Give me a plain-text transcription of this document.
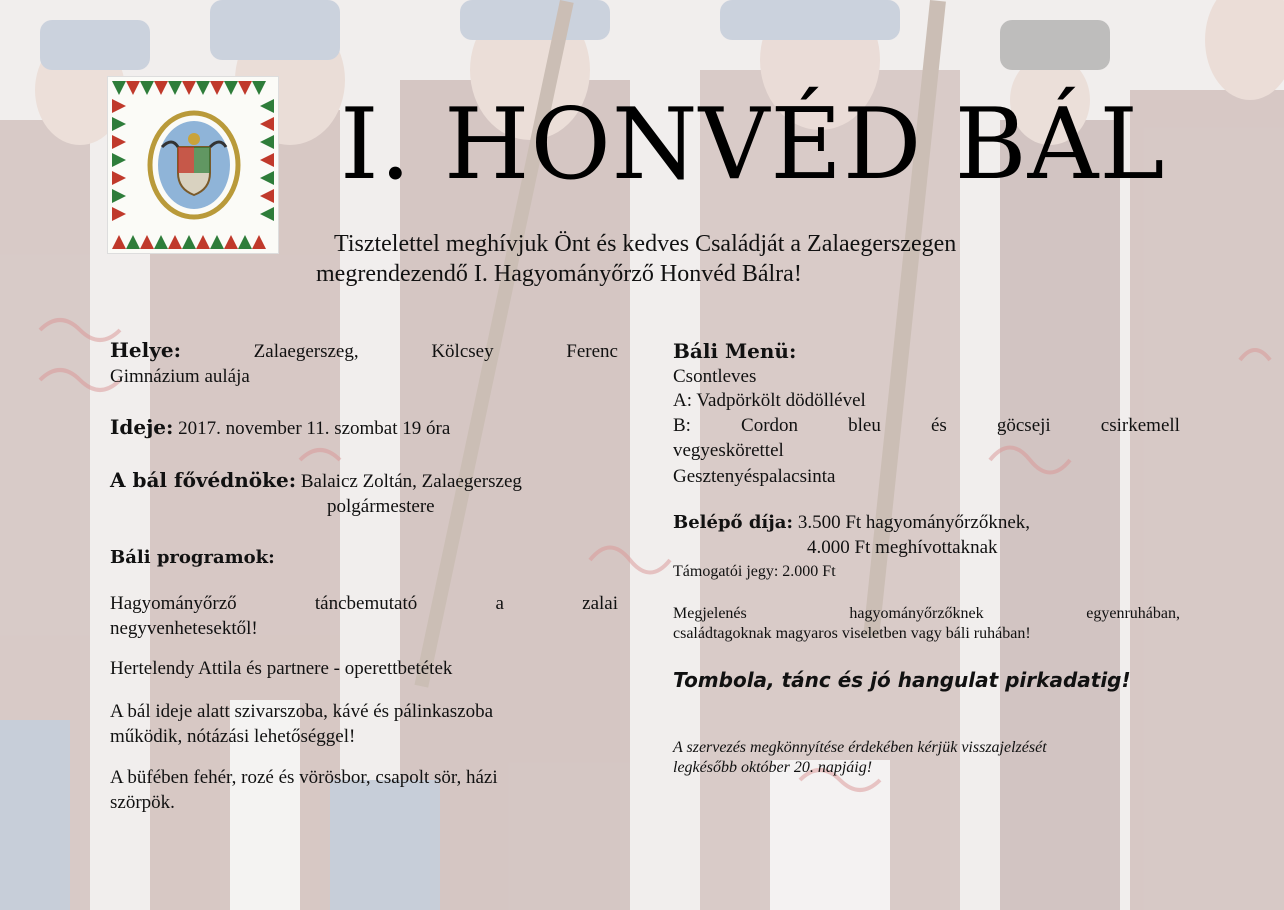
I. HONVÉD BÁL

Tisztelettel meghívjuk Önt és kedves Családját a Zalaegerszegen
megrendezendő I. Hagyományőrző Honvéd Bálra!

Helye:	Zalaegerszeg,	Kölcsey	Ferenc
Gimnázium aulája
Ideje: 2017. november 11. szombat 19 óra
A bál fővédnöke: Balaicz Zoltán, Zalaegerszeg
polgármestere
Báli programok:
Hagyományőrző	táncbemutató	a	zalai
negyvenhetesektől!
Hertelendy Attila és partnere - operettbetétek
A bál ideje alatt szivarszoba, kávé és pálinkaszoba
működik, nótázási lehetőséggel!
A büfében fehér, rozé és vörösbor, csapolt sör, házi
szörpök.
Báli Menü:
Csontleves
A: Vadpörkölt dödöllével
B:	Cordon	bleu	és	göcseji	csirkemell
vegyeskörettel
Gesztenyéspalacsinta
Belépő díja: 3.500 Ft hagyományőrzőknek,
4.000 Ft meghívottaknak
Támogatói jegy: 2.000 Ft
Megjelenés	hagyományőrzőknek	egyenruhában,
családtagoknak magyaros viseletben vagy báli ruhában!
Tombola, tánc és jó hangulat pirkadatig!
A szervezés megkönnyítése érdekében kérjük visszajelzését
legkésőbb október 20. napjáig!
